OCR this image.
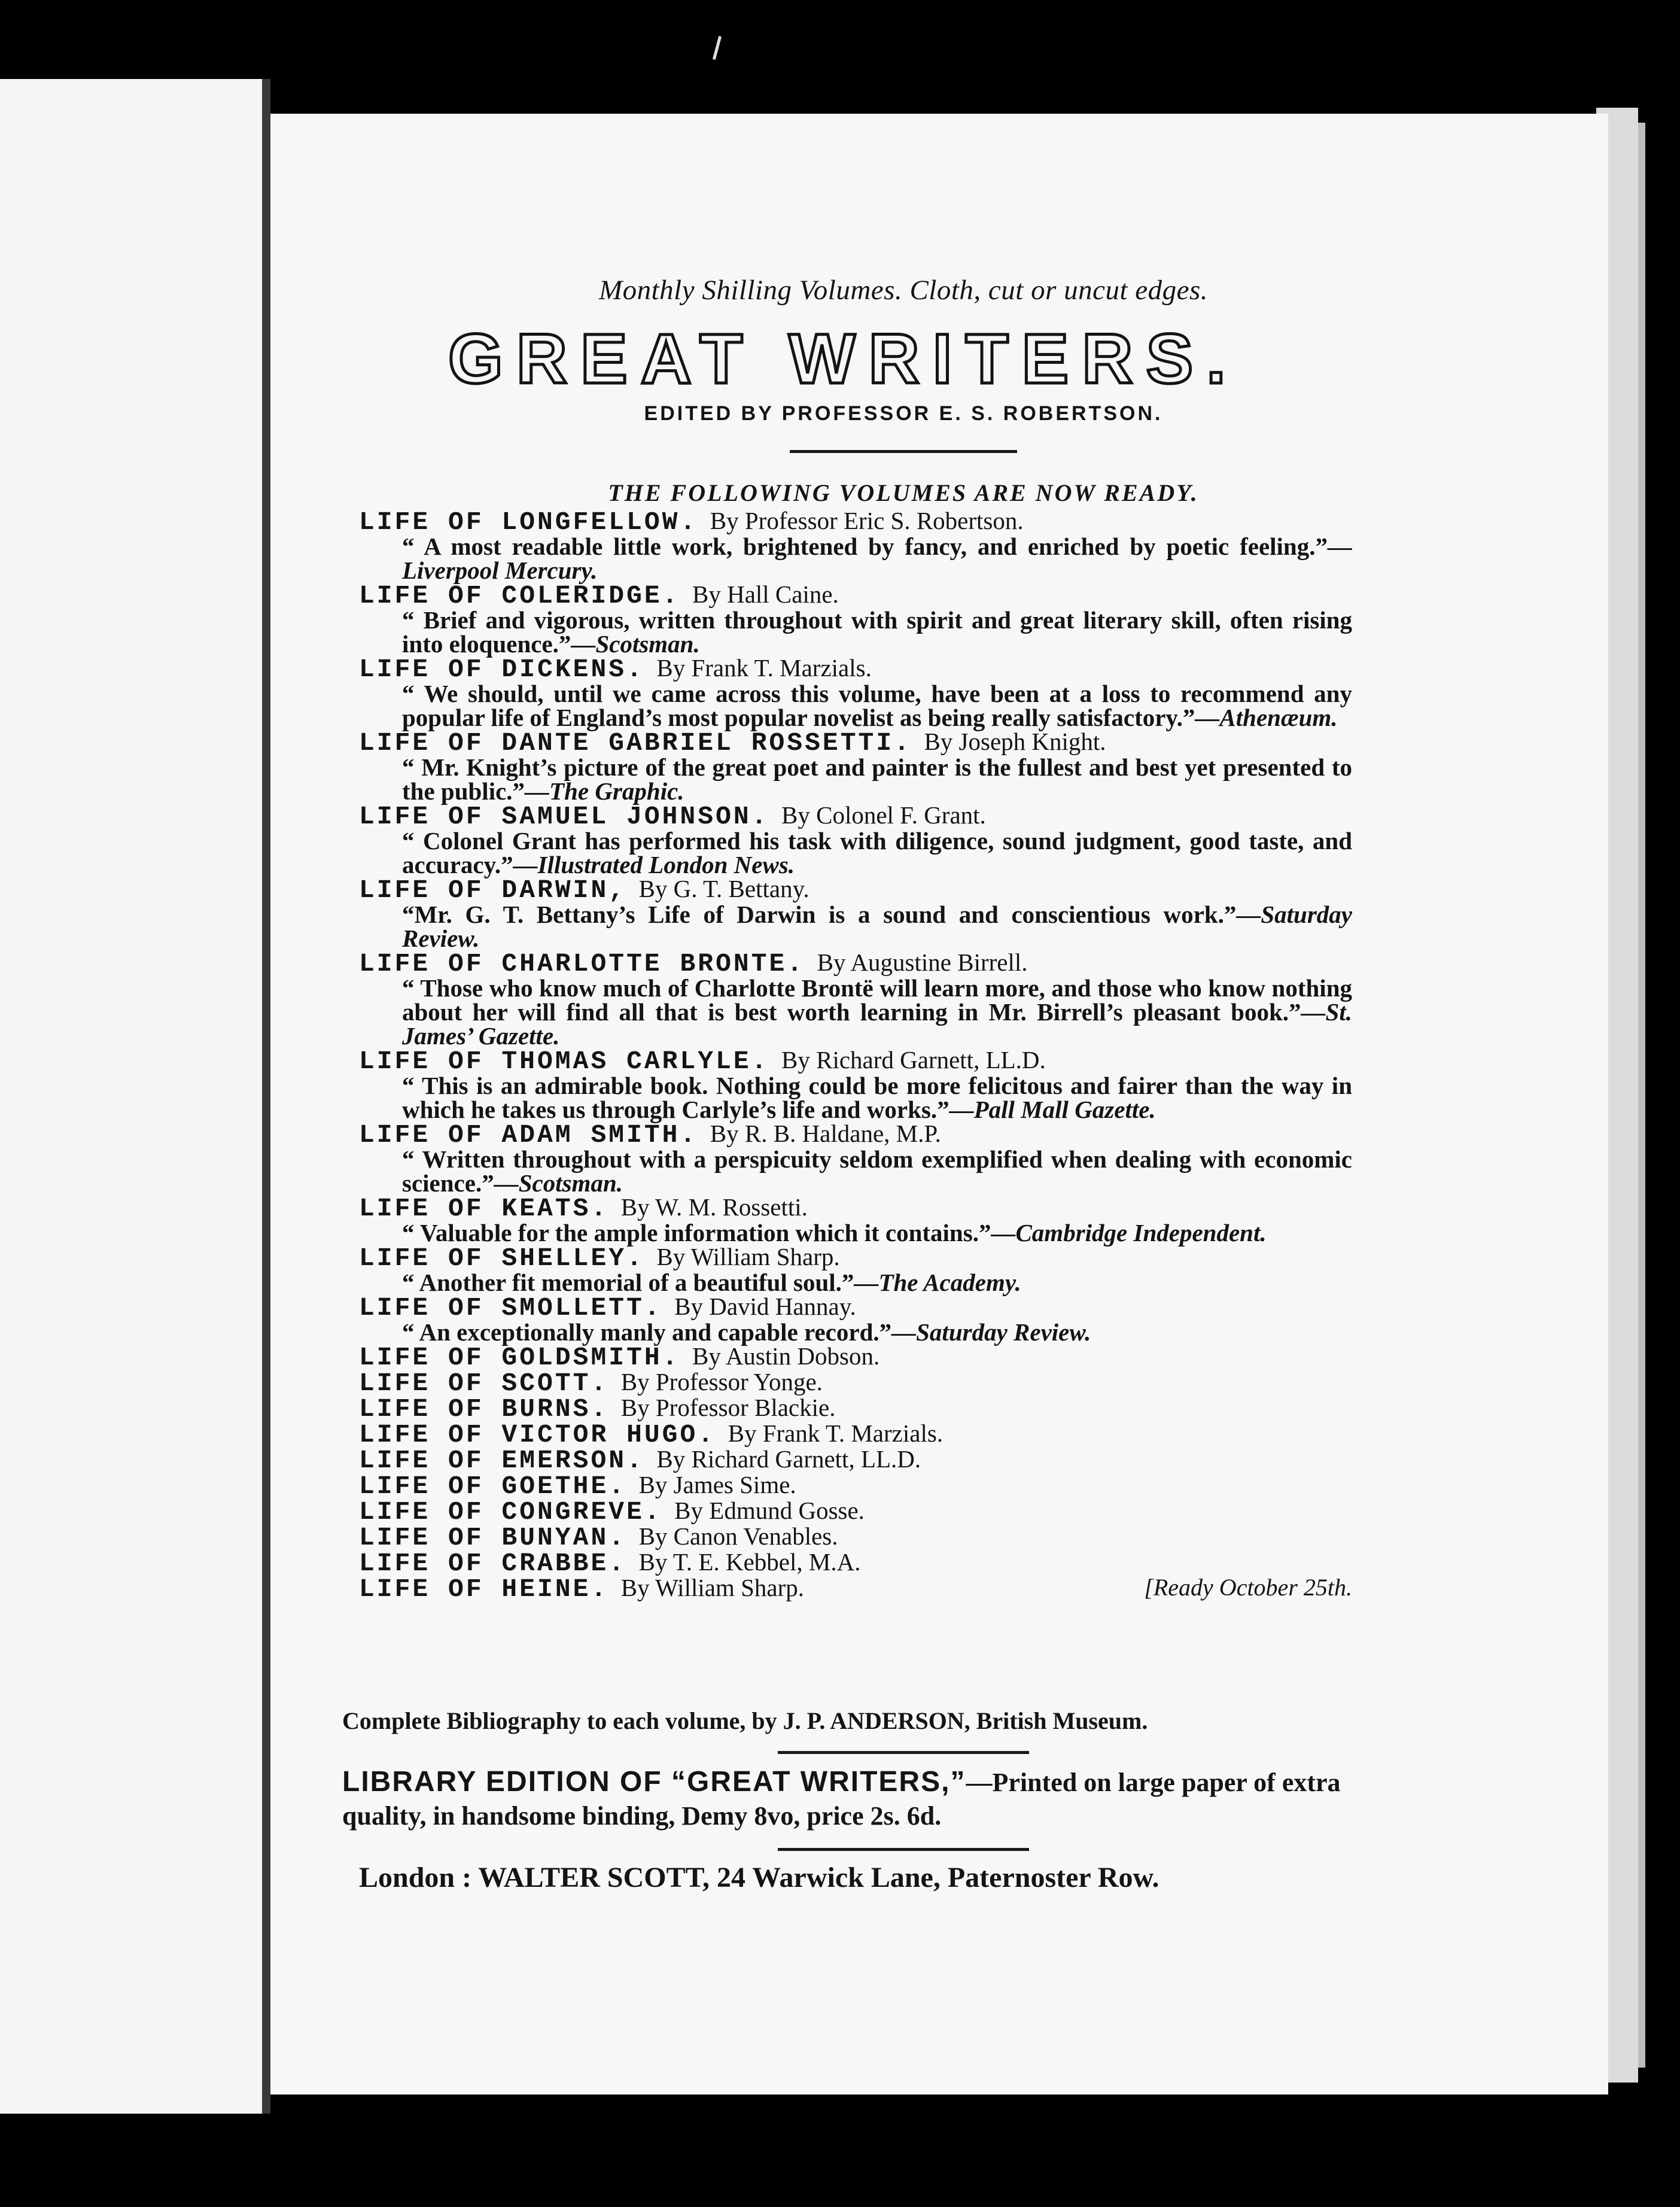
Monthly Shilling Volumes. Cloth, cut or uncut edges.
GREAT WRITERS.
EDITED BY PROFESSOR E. S. ROBERTSON.
THE FOLLOWING VOLUMES ARE NOW READY.
LIFE OF LONGFELLOW. By Professor Eric S. Robertson.
“ A most readable little work, brightened by fancy, and enriched by poetic feeling.”—Liverpool Mercury.
LIFE OF COLERIDGE. By Hall Caine.
“ Brief and vigorous, written throughout with spirit and great literary skill, often rising into eloquence.”—Scotsman.
LIFE OF DICKENS. By Frank T. Marzials.
“ We should, until we came across this volume, have been at a loss to recommend any popular life of England’s most popular novelist as being really satisfactory.”—Athenæum.
LIFE OF DANTE GABRIEL ROSSETTI. By Joseph Knight.
“ Mr. Knight’s picture of the great poet and painter is the fullest and best yet presented to the public.”—The Graphic.
LIFE OF SAMUEL JOHNSON. By Colonel F. Grant.
“ Colonel Grant has performed his task with diligence, sound judgment, good taste, and accuracy.”—Illustrated London News.
LIFE OF DARWIN, By G. T. Bettany.
“Mr. G. T. Bettany’s Life of Darwin is a sound and conscientious work.”—Saturday Review.
LIFE OF CHARLOTTE BRONTE. By Augustine Birrell.
“ Those who know much of Charlotte Brontë will learn more, and those who know nothing about her will find all that is best worth learning in Mr. Birrell’s pleasant book.”—St. James’ Gazette.
LIFE OF THOMAS CARLYLE. By Richard Garnett, LL.D.
“ This is an admirable book. Nothing could be more felicitous and fairer than the way in which he takes us through Carlyle’s life and works.”—Pall Mall Gazette.
LIFE OF ADAM SMITH. By R. B. Haldane, M.P.
“ Written throughout with a perspicuity seldom exemplified when dealing with economic science.”—Scotsman.
LIFE OF KEATS. By W. M. Rossetti.
“ Valuable for the ample information which it contains.”—Cambridge Independent.
LIFE OF SHELLEY. By William Sharp.
“ Another fit memorial of a beautiful soul.”—The Academy.
LIFE OF SMOLLETT. By David Hannay.
“ An exceptionally manly and capable record.”—Saturday Review.
LIFE OF GOLDSMITH. By Austin Dobson.
LIFE OF SCOTT. By Professor Yonge.
LIFE OF BURNS. By Professor Blackie.
LIFE OF VICTOR HUGO. By Frank T. Marzials.
LIFE OF EMERSON. By Richard Garnett, LL.D.
LIFE OF GOETHE. By James Sime.
LIFE OF CONGREVE. By Edmund Gosse.
LIFE OF BUNYAN. By Canon Venables.
LIFE OF CRABBE. By T. E. Kebbel, M.A.
LIFE OF HEINE. By William Sharp.	[Ready October 25th.
Complete Bibliography to each volume, by J. P. ANDERSON, British Museum.
LIBRARY EDITION OF “GREAT WRITERS,”—Printed on large paper of extra quality, in handsome binding, Demy 8vo, price 2s. 6d.
London : WALTER SCOTT, 24 Warwick Lane, Paternoster Row.
